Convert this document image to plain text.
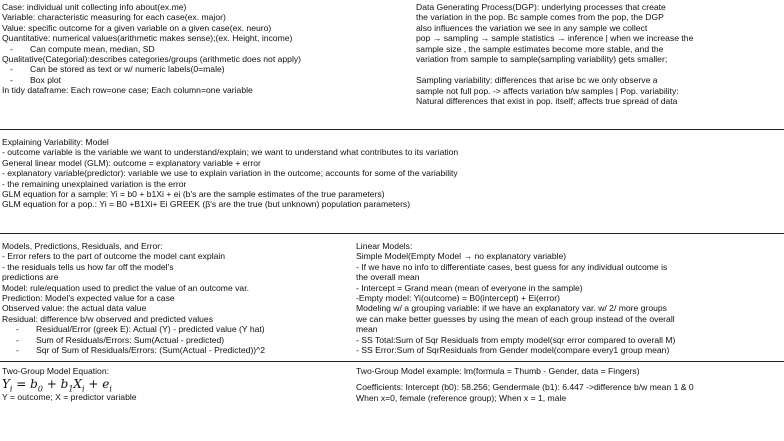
Case: individual unit collecting info about(ex.me)
Variable: characteristic measuring for each case(ex. major)
Value: specific outcome for a given variable on a given case(ex. neuro)
Quantitative: numerical values(arithmetic makes sense);(ex. Height, income)
- Can compute mean, median, SD
Qualitative(Categorial):describes categories/groups (arithmetic does not apply)
- Can be stored as text or w/ numeric labels(0=male)
- Box plot
In tidy dataframe: Each row=one case; Each column=one variable
Data Generating Process(DGP): underlying processes that create
the variation in the pop. Bc sample comes from the pop, the DGP
also influences the variation we see in any sample we collect
pop → sampling → sample statistics → inference | when we increase the
sample size , the sample estimates become more stable, and the
variation from sample to sample(sampling variability) gets smaller;
Sampling variability: differences that arise bc we only observe a
sample not full pop. -> affects variation b/w samples | Pop. variability:
Natural differences that exist in pop. itself; affects true spread of data
Explaining Variability: Model
- outcome variable is the variable we want to understand/explain; we want to understand what contributes to its variation
General linear model (GLM): outcome = explanatory variable + error
- explanatory variable(predictor): variable we use to explain variation in the outcome; accounts for some of the variability
- the remaining unexplained variation is the error
GLM equation for a sample: Yi = b0 + b1Xi + ei (b's are the sample estimates of the true parameters)
GLM equation for a pop.: Yi = B0 +B1Xi+ Ei GREEK (β's are the true (but unknown) population parameters)
Models, Predictions, Residuals, and Error:
- Error refers to the part of outcome the model cant explain
- the residuals tells us how far off the model's
predictions are
Model: rule/equation used to predict the value of an outcome var.
Prediction: Model's expected value for a case
Observed value: the actual data value
Residual: difference b/w observed and predicted values
- Residual/Error (greek E): Actual (Y) - predicted value (Y hat)
- Sum of Residuals/Errors: Sum(Actual - predicted)
- Sqr of Sum of Residuals/Errors: (Sum(Actual - Predicted))^2
Linear Models:
Simple Model(Empty Model → no explanatory variable)
- If we have no info to differentiate cases, best guess for any individual outcome is
the overall mean
- Intercept = Grand mean (mean of everyone in the sample)
-Empty model: Yi(outcome) = B0(intercept) + Ei(error)
Modeling w/ a grouping variable: if we have an explanatory var. w/ 2/ more groups
we can make better guesses by using the mean of each group instead of the overall
mean
- SS Total:Sum of Sqr Residuals from empty model(sqr error compared to overall M)
- SS Error:Sum of SqrResiduals from Gender model(compare every1 group mean)
Two-Group Model Equation:
$Y_i = b_0 + b_1X_i + e_i$
Y = outcome; X = predictor variable
Two-Group Model example: lm(formula = Thumb - Gender, data = Fingers)
Coefficients: Intercept (b0): 58.256; Gendermale (b1): 6.447 ->difference b/w mean 1 & 0
When x=0, female (reference group); When x = 1, male
